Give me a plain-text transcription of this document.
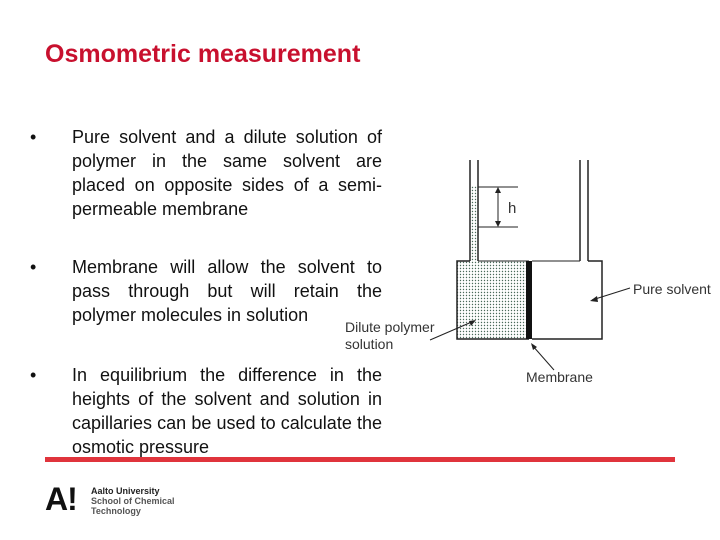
Osmometric measurement
• Pure solvent and a dilute solution of polymer in the same solvent are placed on opposite sides of a semi-permeable membrane
• Membrane will allow the solvent to pass through but will retain the polymer molecules in solution
• In equilibrium the difference in the heights of the solvent and solution in capillaries can be used to calculate the osmotic pressure
h
Pure solvent
Dilute polymer
solution
Membrane
A! Aalto University
School of Chemical
Technology
